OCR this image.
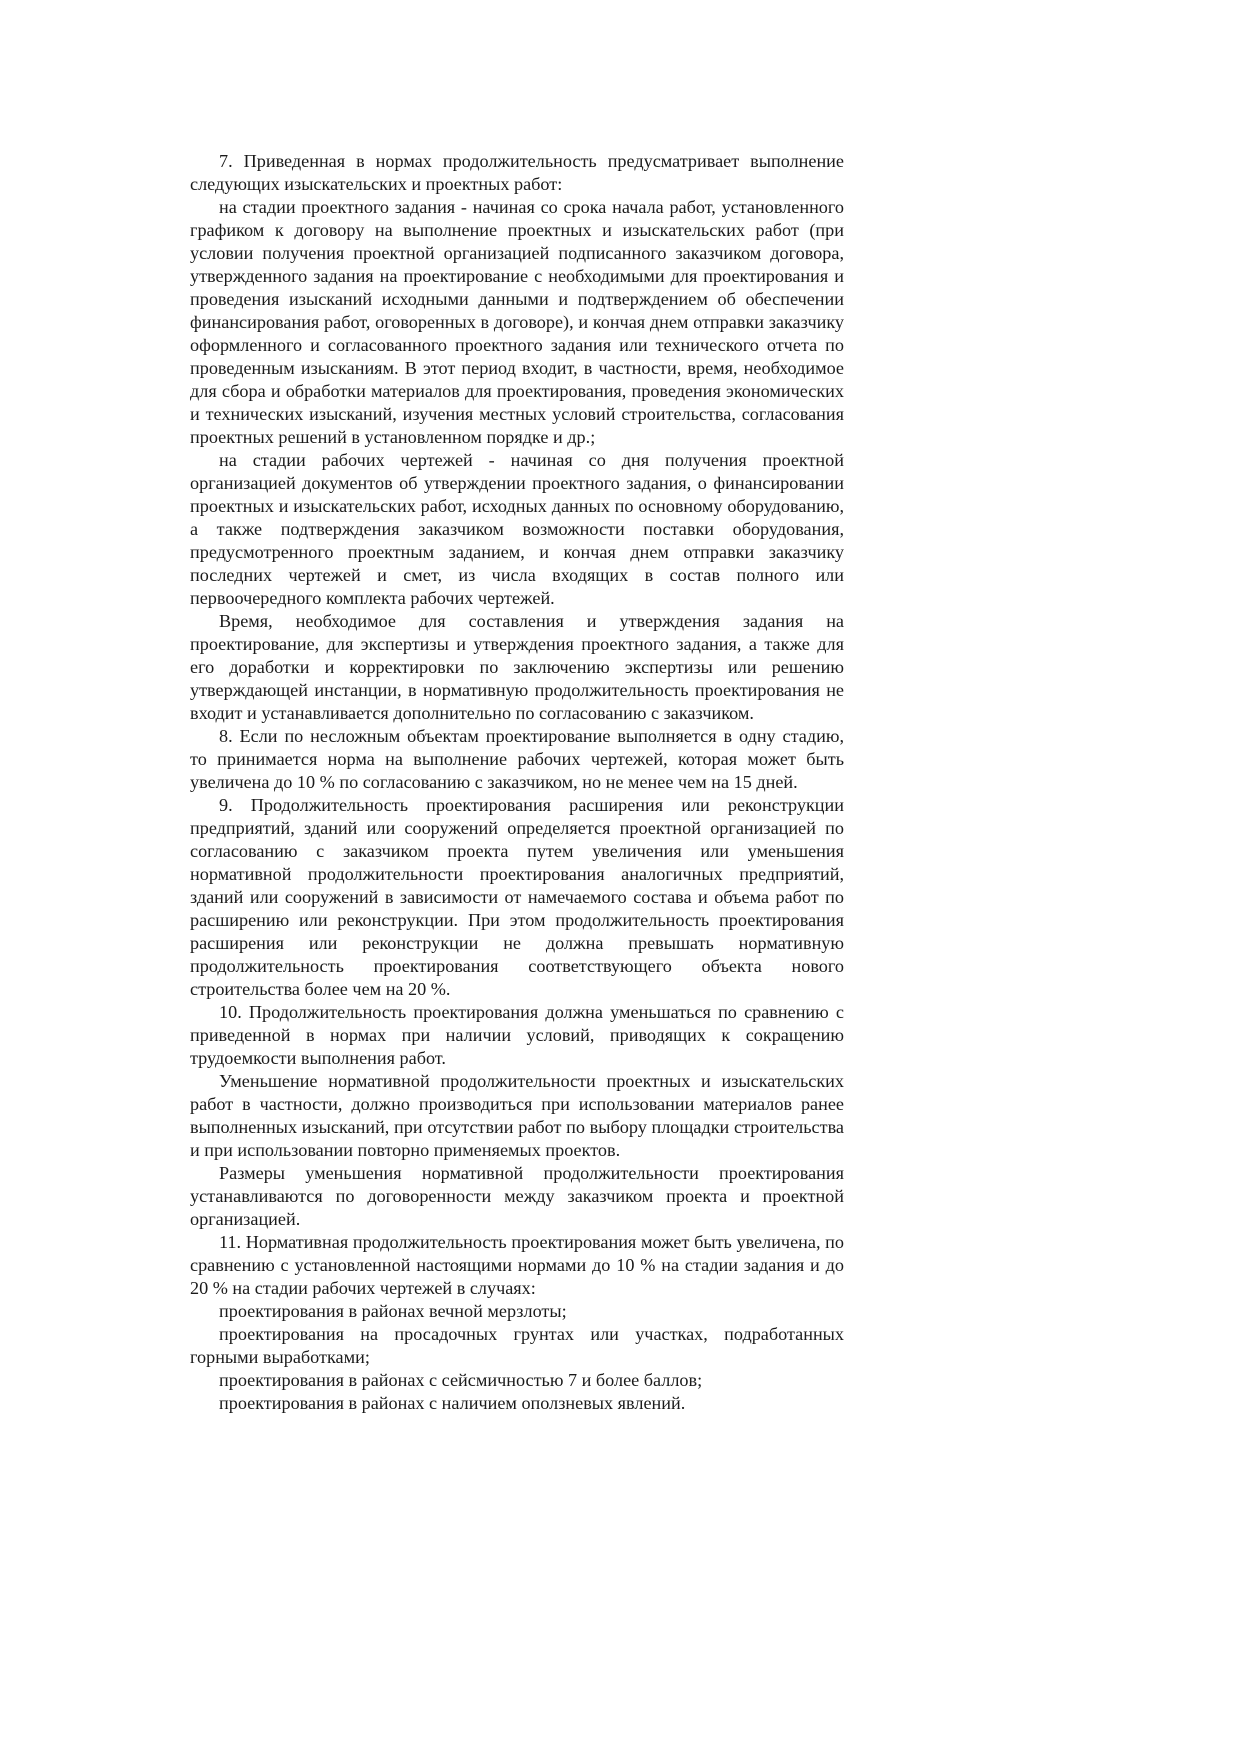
7. Приведенная в нормах продолжительность предусматривает выполнение следующих изыскательских и проектных работ:

на стадии проектного задания - начиная со срока начала работ, установленного графиком к договору на выполнение проектных и изыскательских работ (при условии получения проектной организацией подписанного заказчиком договора, утвержденного задания на проектирование с необходимыми для проектирования и проведения изысканий исходными данными и подтверждением об обеспечении финансирования работ, оговоренных в договоре), и кончая днем отправки заказчику оформленного и согласованного проектного задания или технического отчета по проведенным изысканиям. В этот период входит, в частности, время, необходимое для сбора и обработки материалов для проектирования, проведения экономических и технических изысканий, изучения местных условий строительства, согласования проектных решений в установленном порядке и др.;

на стадии рабочих чертежей - начиная со дня получения проектной организацией документов об утверждении проектного задания, о финансировании проектных и изыскательских работ, исходных данных по основному оборудованию, а также подтверждения заказчиком возможности поставки оборудования, предусмотренного проектным заданием, и кончая днем отправки заказчику последних чертежей и смет, из числа входящих в состав полного или первоочередного комплекта рабочих чертежей.

Время, необходимое для составления и утверждения задания на проектирование, для экспертизы и утверждения проектного задания, а также для его доработки и корректировки по заключению экспертизы или решению утверждающей инстанции, в нормативную продолжительность проектирования не входит и устанавливается дополнительно по согласованию с заказчиком.

8. Если по несложным объектам проектирование выполняется в одну стадию, то принимается норма на выполнение рабочих чертежей, которая может быть увеличена до 10 % по согласованию с заказчиком, но не менее чем на 15 дней.

9. Продолжительность проектирования расширения или реконструкции предприятий, зданий или сооружений определяется проектной организацией по согласованию с заказчиком проекта путем увеличения или уменьшения нормативной продолжительности проектирования аналогичных предприятий, зданий или сооружений в зависимости от намечаемого состава и объема работ по расширению или реконструкции. При этом продолжительность проектирования расширения или реконструкции не должна превышать нормативную продолжительность проектирования соответствующего объекта нового строительства более чем на 20 %.

10. Продолжительность проектирования должна уменьшаться по сравнению с приведенной в нормах при наличии условий, приводящих к сокращению трудоемкости выполнения работ.

Уменьшение нормативной продолжительности проектных и изыскательских работ в частности, должно производиться при использовании материалов ранее выполненных изысканий, при отсутствии работ по выбору площадки строительства и при использовании повторно применяемых проектов.

Размеры уменьшения нормативной продолжительности проектирования устанавливаются по договоренности между заказчиком проекта и проектной организацией.

11. Нормативная продолжительность проектирования может быть увеличена, по сравнению с установленной настоящими нормами до 10 % на стадии задания и до 20 % на стадии рабочих чертежей в случаях:

проектирования в районах вечной мерзлоты;

проектирования на просадочных грунтах или участках, подработанных горными выработками;

проектирования в районах с сейсмичностью 7 и более баллов;

проектирования в районах с наличием оползневых явлений.
